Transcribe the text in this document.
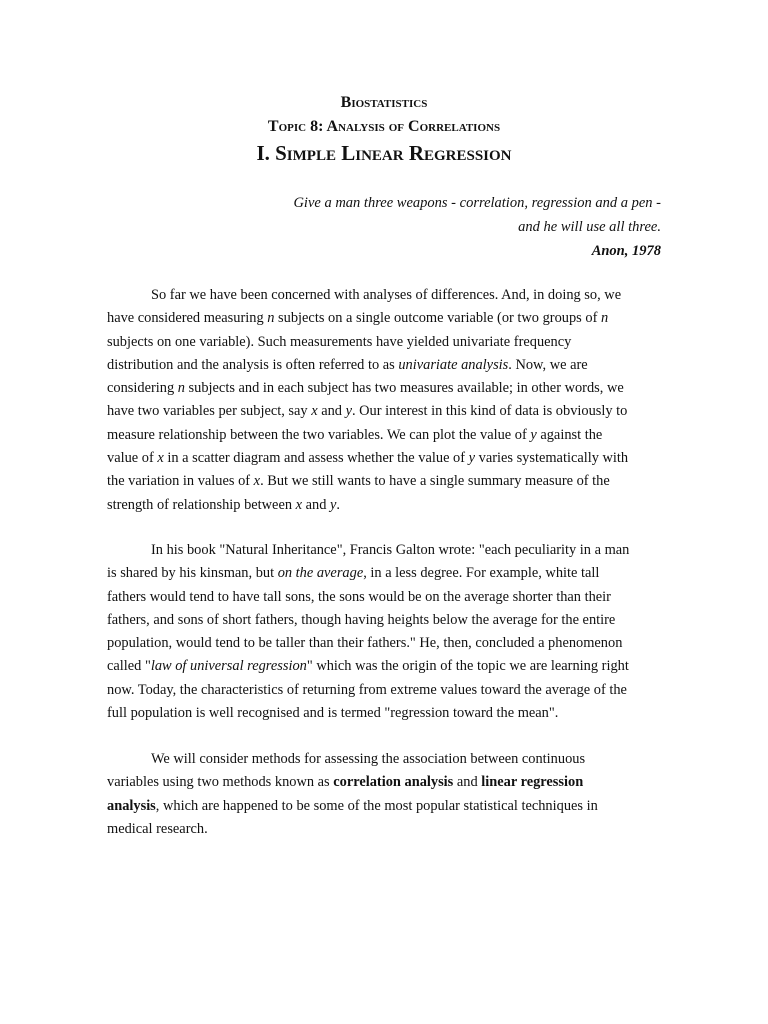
Biostatistics
Topic 8: Analysis of Correlations
I. Simple Linear Regression
Give a man three weapons - correlation, regression and a pen -
and he will use all three.
Anon, 1978
So far we have been concerned with analyses of differences. And, in doing so, we
have considered measuring n subjects on a single outcome variable (or two groups of n
subjects on one variable). Such measurements have yielded univariate frequency
distribution and the analysis is often referred to as univariate analysis. Now, we are
considering n subjects and in each subject has two measures available; in other words, we
have two variables per subject, say x and y. Our interest in this kind of data is obviously to
measure relationship between the two variables. We can plot the value of y against the
value of x in a scatter diagram and assess whether the value of y varies systematically with
the variation in values of x. But we still wants to have a single summary measure of the
strength of relationship between x and y.
In his book "Natural Inheritance", Francis Galton wrote: "each peculiarity in a man
is shared by his kinsman, but on the average, in a less degree. For example, white tall
fathers would tend to have tall sons, the sons would be on the average shorter than their
fathers, and sons of short fathers, though having heights below the average for the entire
population, would tend to be taller than their fathers." He, then, concluded a phenomenon
called "law of universal regression" which was the origin of the topic we are learning right
now. Today, the characteristics of returning from extreme values toward the average of the
full population is well recognised and is termed "regression toward the mean".
We will consider methods for assessing the association between continuous
variables using two methods known as correlation analysis and linear regression
analysis, which are happened to be some of the most popular statistical techniques in
medical research.
